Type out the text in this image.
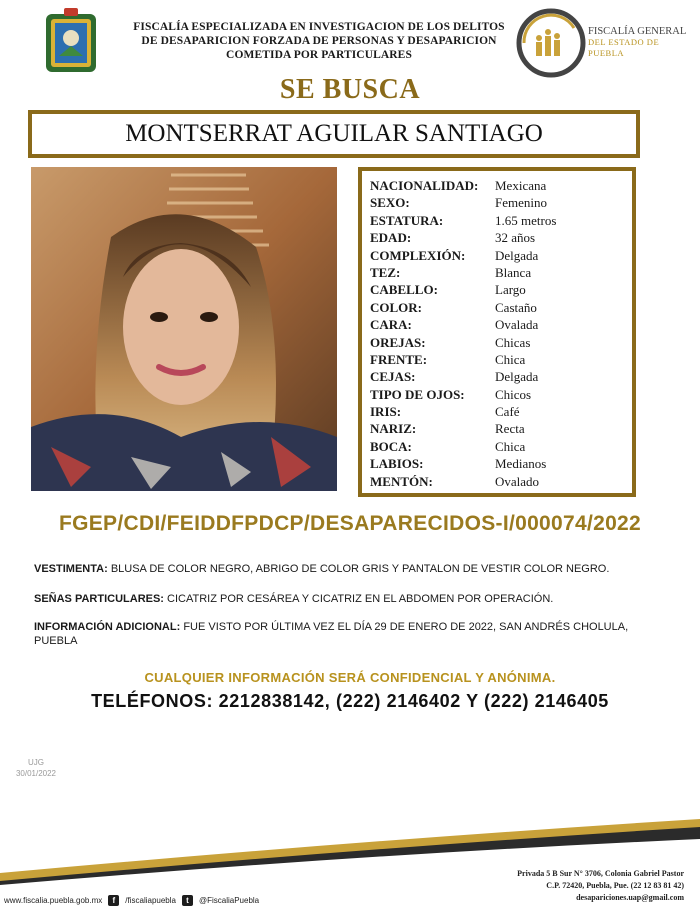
FISCALÍA ESPECIALIZADA EN INVESTIGACION DE LOS DELITOS
DE DESAPARICION FORZADA DE PERSONAS Y DESAPARICION
COMETIDA POR PARTICULARES
FISCALÍA GENERAL
DEL ESTADO DE
PUEBLA
SE BUSCA
MONTSERRAT AGUILAR SANTIAGO
NACIONALIDAD:	Mexicana
SEXO:	Femenino
ESTATURA:	1.65 metros
EDAD:	32 años
COMPLEXIÓN:	Delgada
TEZ:	Blanca
CABELLO:	Largo
COLOR:	Castaño
CARA:	Ovalada
OREJAS:	Chicas
FRENTE:	Chica
CEJAS:	Delgada
TIPO DE OJOS:	Chicos
IRIS:	Café
NARIZ:	Recta
BOCA:	Chica
LABIOS:	Medianos
MENTÓN:	Ovalado
FGEP/CDI/FEIDDFPDCP/DESAPARECIDOS-I/000074/2022
VESTIMENTA: BLUSA DE COLOR NEGRO, ABRIGO DE COLOR GRIS Y PANTALON DE VESTIR COLOR NEGRO.
SEÑAS PARTICULARES: CICATRIZ POR CESÁREA Y CICATRIZ EN EL ABDOMEN POR OPERACIÓN.
INFORMACIÓN ADICIONAL: FUE VISTO POR ÚLTIMA VEZ EL DÍA 29 DE ENERO DE 2022, SAN ANDRÉS CHOLULA, PUEBLA
CUALQUIER INFORMACIÓN SERÁ CONFIDENCIAL Y ANÓNIMA.
TELÉFONOS: 2212838142, (222) 2146402 Y (222) 2146405
UJG
30/01/2022
www.fiscalia.puebla.gob.mx	f	/fiscaliapuebla	t	@FiscaliaPuebla
Privada 5 B Sur N° 3706, Colonia Gabriel Pastor
C.P. 72420, Puebla, Pue. (22 12 83 81 42)
desapariciones.uap@gmail.com
